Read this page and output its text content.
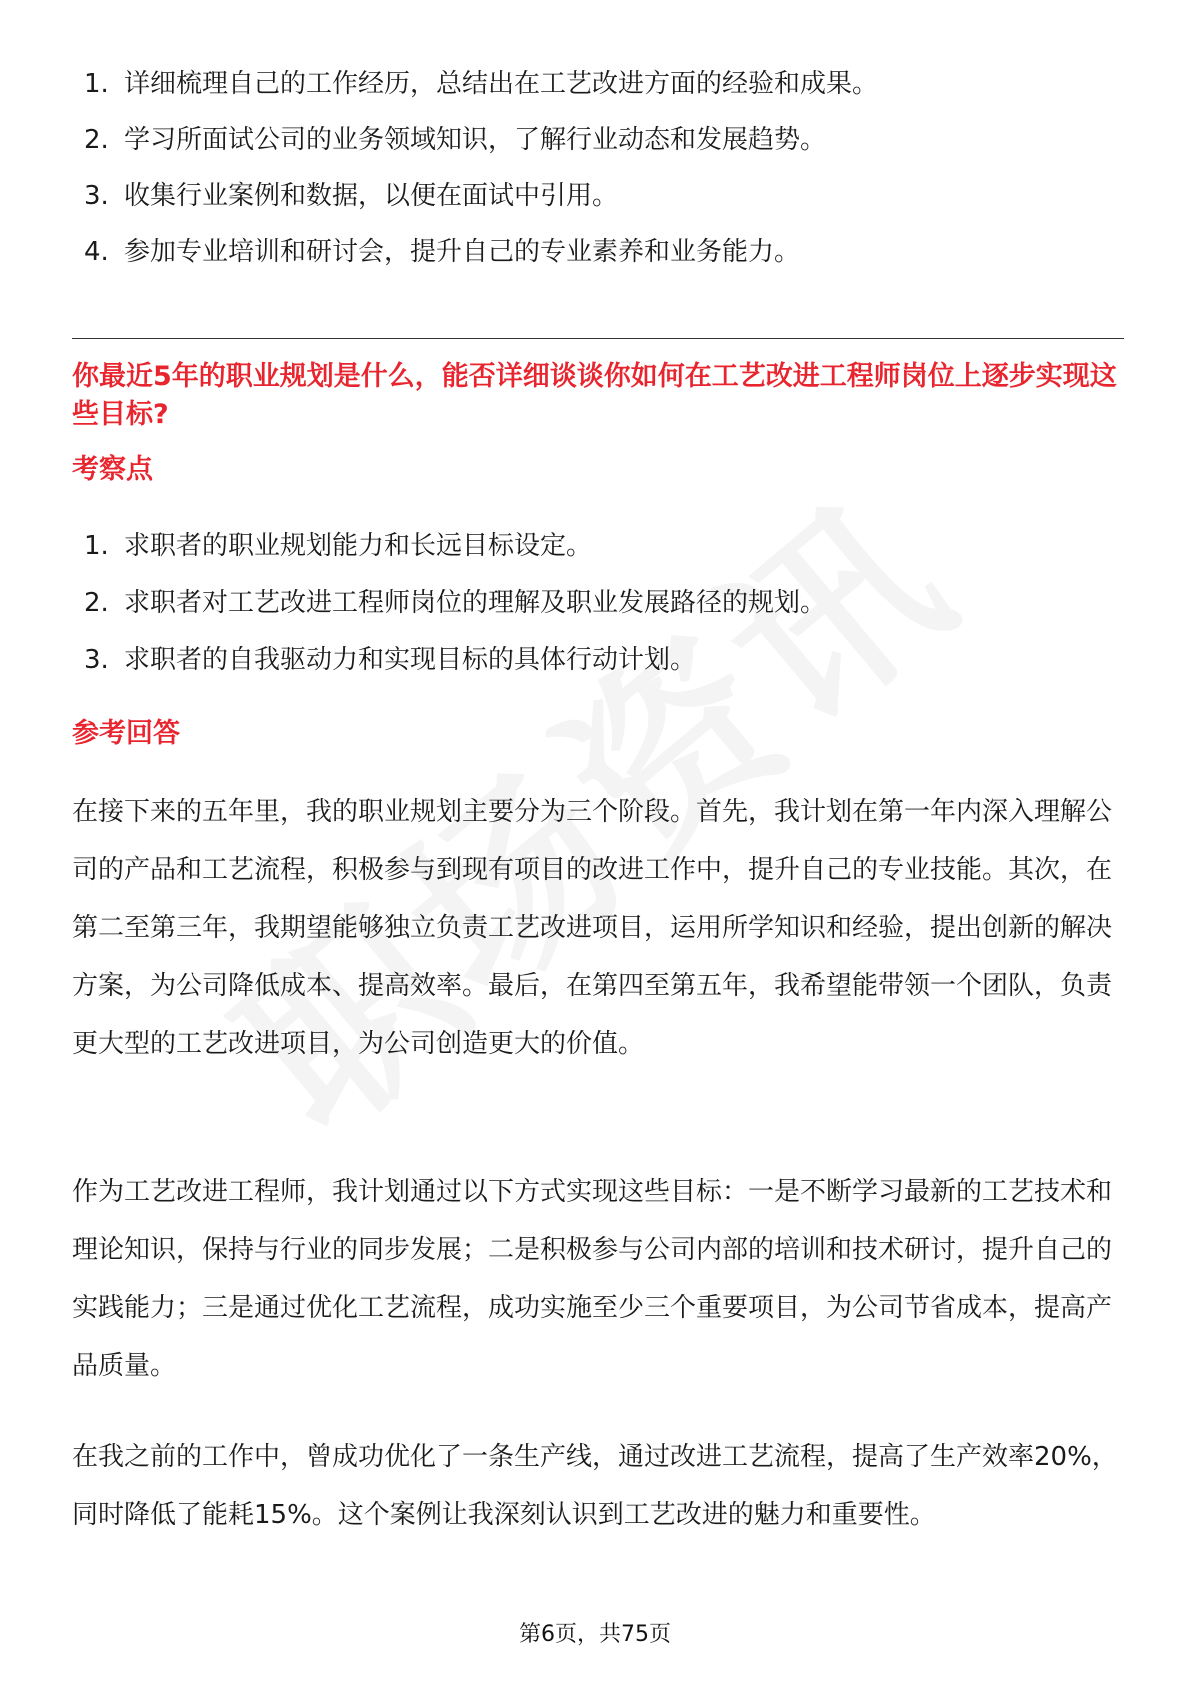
1. 详细梳理自己的工作经历，总结出在工艺改进方面的经验和成果。
2. 学习所面试公司的业务领域知识，了解行业动态和发展趋势。
3. 收集行业案例和数据，以便在面试中引用。
4. 参加专业培训和研讨会，提升自己的专业素养和业务能力。
你最近5年的职业规划是什么，能否详细谈谈你如何在工艺改进工程师岗位上逐步实现这些目标?
考察点
1. 求职者的职业规划能力和长远目标设定。
2. 求职者对工艺改进工程师岗位的理解及职业发展路径的规划。
3. 求职者的自我驱动力和实现目标的具体行动计划。
参考回答

在接下来的五年里，我的职业规划主要分为三个阶段。首先，我计划在第一年内深入理解公司的产品和工艺流程，积极参与到现有项目的改进工作中，提升自己的专业技能。其次，在第二至第三年，我期望能够独立负责工艺改进项目，运用所学知识和经验，提出创新的解决方案，为公司降低成本、提高效率。最后，在第四至第五年，我希望能带领一个团队，负责更大型的工艺改进项目，为公司创造更大的价值。

作为工艺改进工程师，我计划通过以下方式实现这些目标：一是不断学习最新的工艺技术和理论知识，保持与行业的同步发展；二是积极参与公司内部的培训和技术研讨，提升自己的实践能力；三是通过优化工艺流程，成功实施至少三个重要项目，为公司节省成本，提高产品质量。

在我之前的工作中，曾成功优化了一条生产线，通过改进工艺流程，提高了生产效率20%，同时降低了能耗15%。这个案例让我深刻认识到工艺改进的魅力和重要性。

第6页，共75页
